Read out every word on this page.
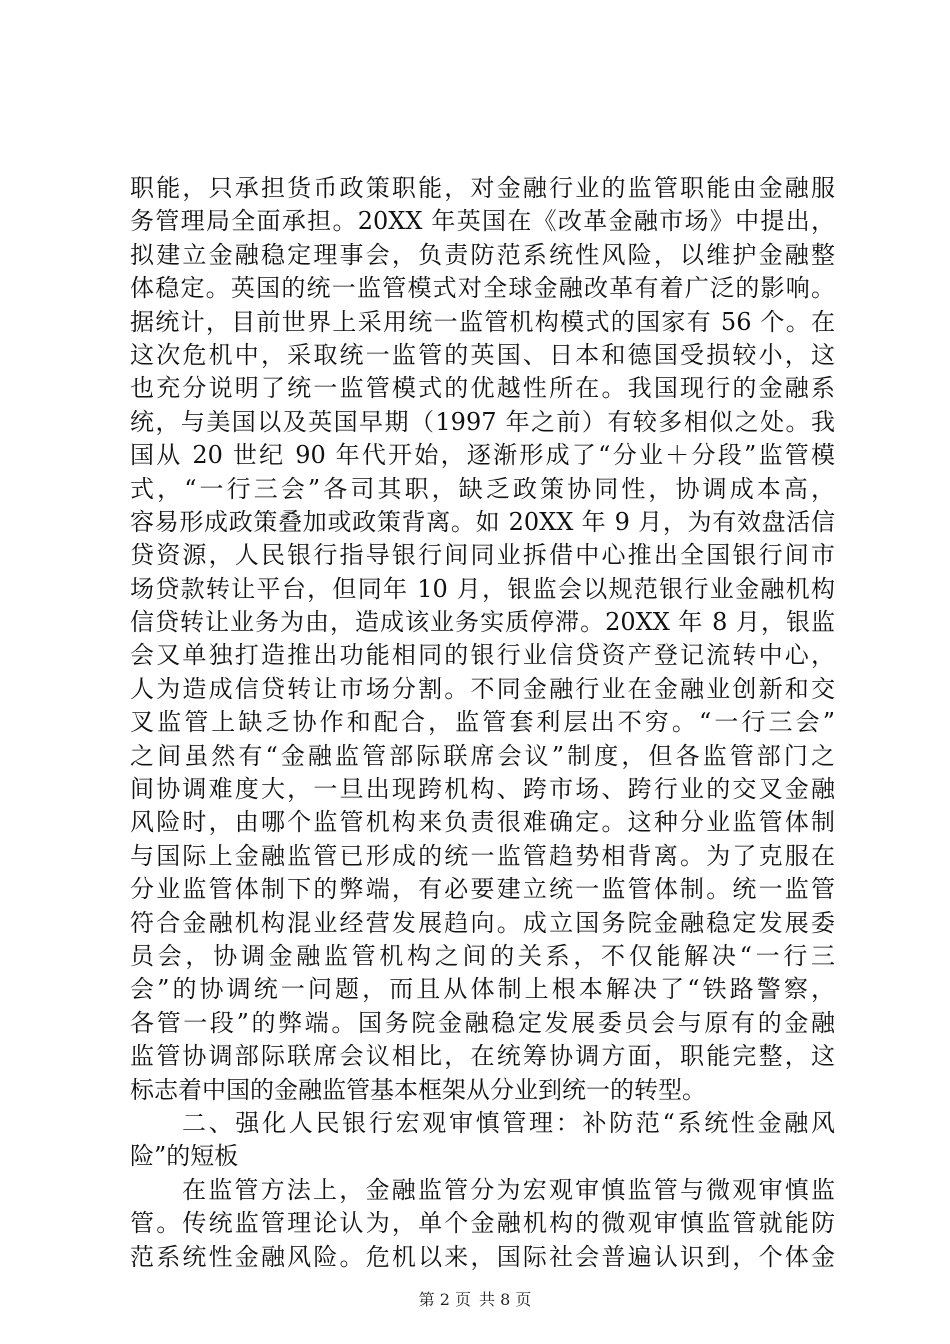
职能，只承担货币政策职能，对金融行业的监管职能由金融服
务管理局全面承担。20XX 年英国在《改革金融市场》中提出，
拟建立金融稳定理事会，负责防范系统性风险，以维护金融整
体稳定。英国的统一监管模式对全球金融改革有着广泛的影响。
据统计，目前世界上采用统一监管机构模式的国家有 56 个。在
这次危机中，采取统一监管的英国、日本和德国受损较小，这
也充分说明了统一监管模式的优越性所在。我国现行的金融系
统，与美国以及英国早期（1997 年之前）有较多相似之处。我
国从 20 世纪 90 年代开始，逐渐形成了“分业＋分段”监管模
式，“一行三会”各司其职，缺乏政策协同性，协调成本高，
容易形成政策叠加或政策背离。如 20XX 年 9 月，为有效盘活信
贷资源，人民银行指导银行间同业拆借中心推出全国银行间市
场贷款转让平台，但同年 10 月，银监会以规范银行业金融机构
信贷转让业务为由，造成该业务实质停滞。20XX 年 8 月，银监
会又单独打造推出功能相同的银行业信贷资产登记流转中心，
人为造成信贷转让市场分割。不同金融行业在金融业创新和交
叉监管上缺乏协作和配合，监管套利层出不穷。“一行三会”
之间虽然有“金融监管部际联席会议”制度，但各监管部门之
间协调难度大，一旦出现跨机构、跨市场、跨行业的交叉金融
风险时，由哪个监管机构来负责很难确定。这种分业监管体制
与国际上金融监管已形成的统一监管趋势相背离。为了克服在
分业监管体制下的弊端，有必要建立统一监管体制。统一监管
符合金融机构混业经营发展趋向。成立国务院金融稳定发展委
员会，协调金融监管机构之间的关系，不仅能解决“一行三
会”的协调统一问题，而且从体制上根本解决了“铁路警察，
各管一段”的弊端。国务院金融稳定发展委员会与原有的金融
监管协调部际联席会议相比，在统筹协调方面，职能完整，这
标志着中国的金融监管基本框架从分业到统一的转型。
二、强化人民银行宏观审慎管理：补防范“系统性金融风
险”的短板
在监管方法上，金融监管分为宏观审慎监管与微观审慎监
管。传统监管理论认为，单个金融机构的微观审慎监管就能防
范系统性金融风险。危机以来，国际社会普遍认识到，个体金
第 2 页 共 8 页
